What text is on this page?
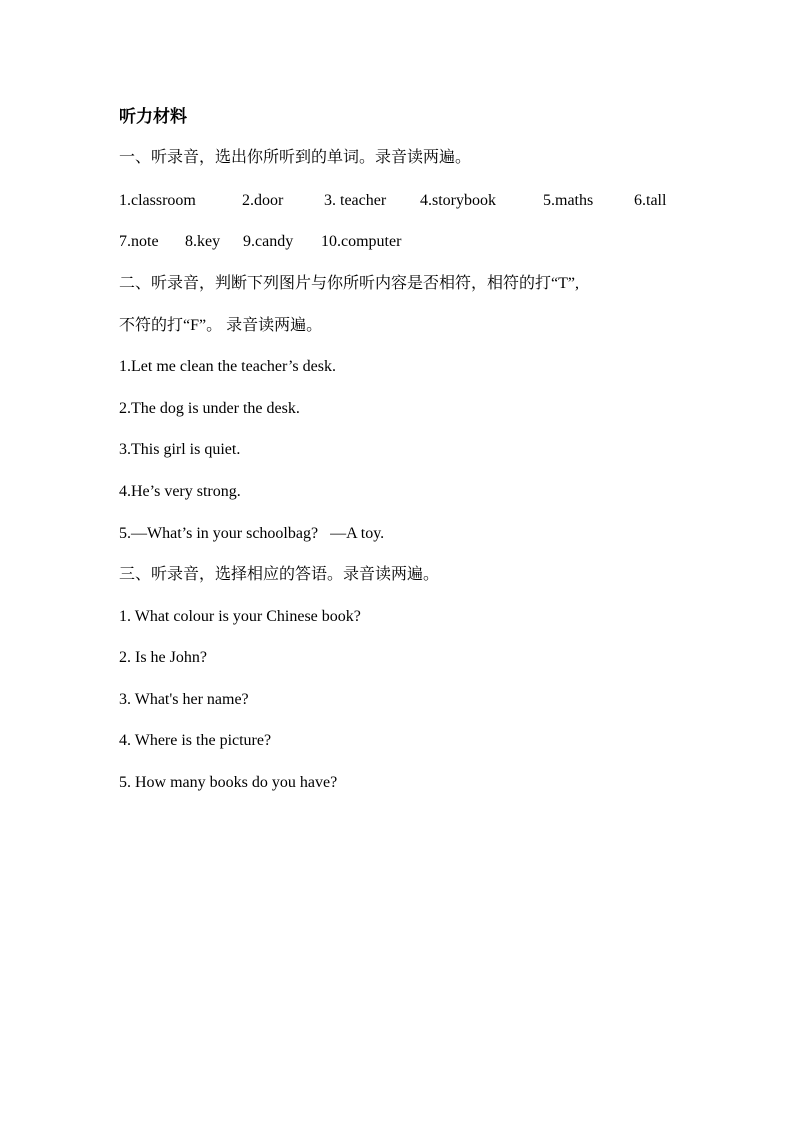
听力材料
一、听录音，选出你所听到的单词。录音读两遍。
1.classroom	2.door	3. teacher 4.storybook	5.maths	6.tall
7.note 8.key 9.candy 10.computer
二、听录音，判断下列图片与你所听内容是否相符，相符的打“T”,
不符的打“F”。 录音读两遍。
1.Let me clean the teacher’s desk.
2.The dog is under the desk.
3.This girl is quiet.
4.He’s very strong.
5.—What’s in your schoolbag?   —A toy.
三、听录音，选择相应的答语。录音读两遍。
1. What colour is your Chinese book?
2. Is he John?
3. What's her name?
4. Where is the picture?
5. How many books do you have?
